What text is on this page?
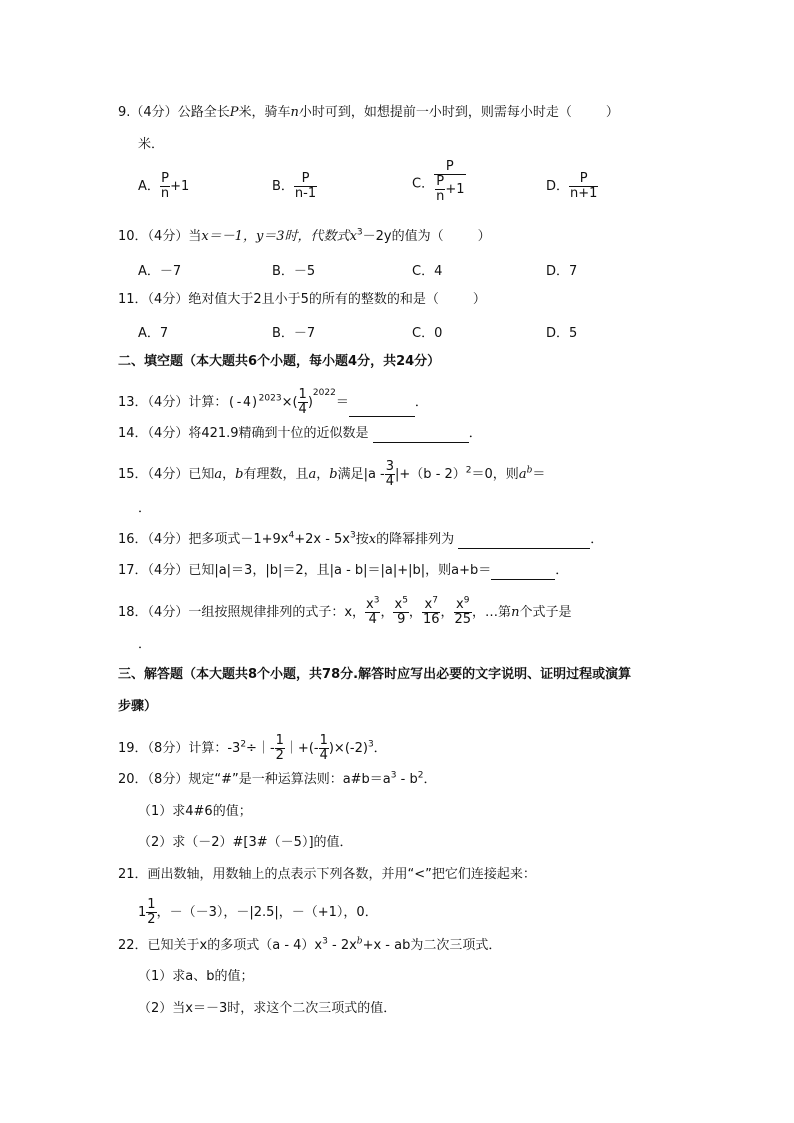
9.（4分）公路全长P米，骑车n小时可到，如想提前一小时到，则需每小时走（	）
米．
A． $\frac{P}{n} +1$	B． $\frac{P}{n-1}$	C． $\frac{P}{\frac{P}{n} +1}$	D． $\frac{P}{n+1}$
10．（4分）当x＝－1，y＝3时，代数式$x^3-2y$的值为（	）
A．－7	B．－5	C．4	D．7
11．（4分）绝对值大于2且小于5的所有的整数的和是（	）
A．7	B．－7	C．0	D．5
二、填空题（本大题共6个小题，每小题4分，共24分）
13．（4分）计算：$(-4)^{2023}\times( \frac{1}{4} )^{2022}=$	．
14．（4分）将421.9精确到十位的近似数是	．
15．（4分）已知a，b有理数，且a，b满足$|a - \frac{3}{4} |+(b - 2)^2=0$，则$a^b=$
．
16．（4分）把多项式$-1+9x^4+2x - 5x^3$按x的降幂排列为	．
17．（4分）已知|a|＝3，|b|＝2，且|a - b|＝|a|+|b|，则a+b＝	．
18．（4分）一组按照规律排列的式子：x， $\frac{x^3}{4}$ ， $\frac{x^5}{9}$ ， $\frac{x^7}{16}$ ， $\frac{x^9}{25}$ ，…第n个式子是
．
三、解答题（本大题共8个小题，共78分.解答时应写出必要的文字说明、证明过程或演算
步骤）
19．（8分）计算：$-3^2\div|- \frac{1}{2}$ ｜+(- $\frac{1}{4} )\times(-2)^3$．
20．（8分）规定“#”是一种运算法则：$a\#b=a^3 - b^2$．
（1）求4#6的值；
（2）求（－2）#[3#（－5）]的值．
21．画出数轴，用数轴上的点表示下列各数，并用“<”把它们连接起来：
$1 \frac{1}{2}$ ，－（－3），－|2.5|，－（+1），0．
22．已知关于x的多项式$(a - 4)x^3 - 2x^b+x$ - ab为二次三项式．
（1）求a、b的值；
（2）当x＝－3时，求这个二次三项式的值．
